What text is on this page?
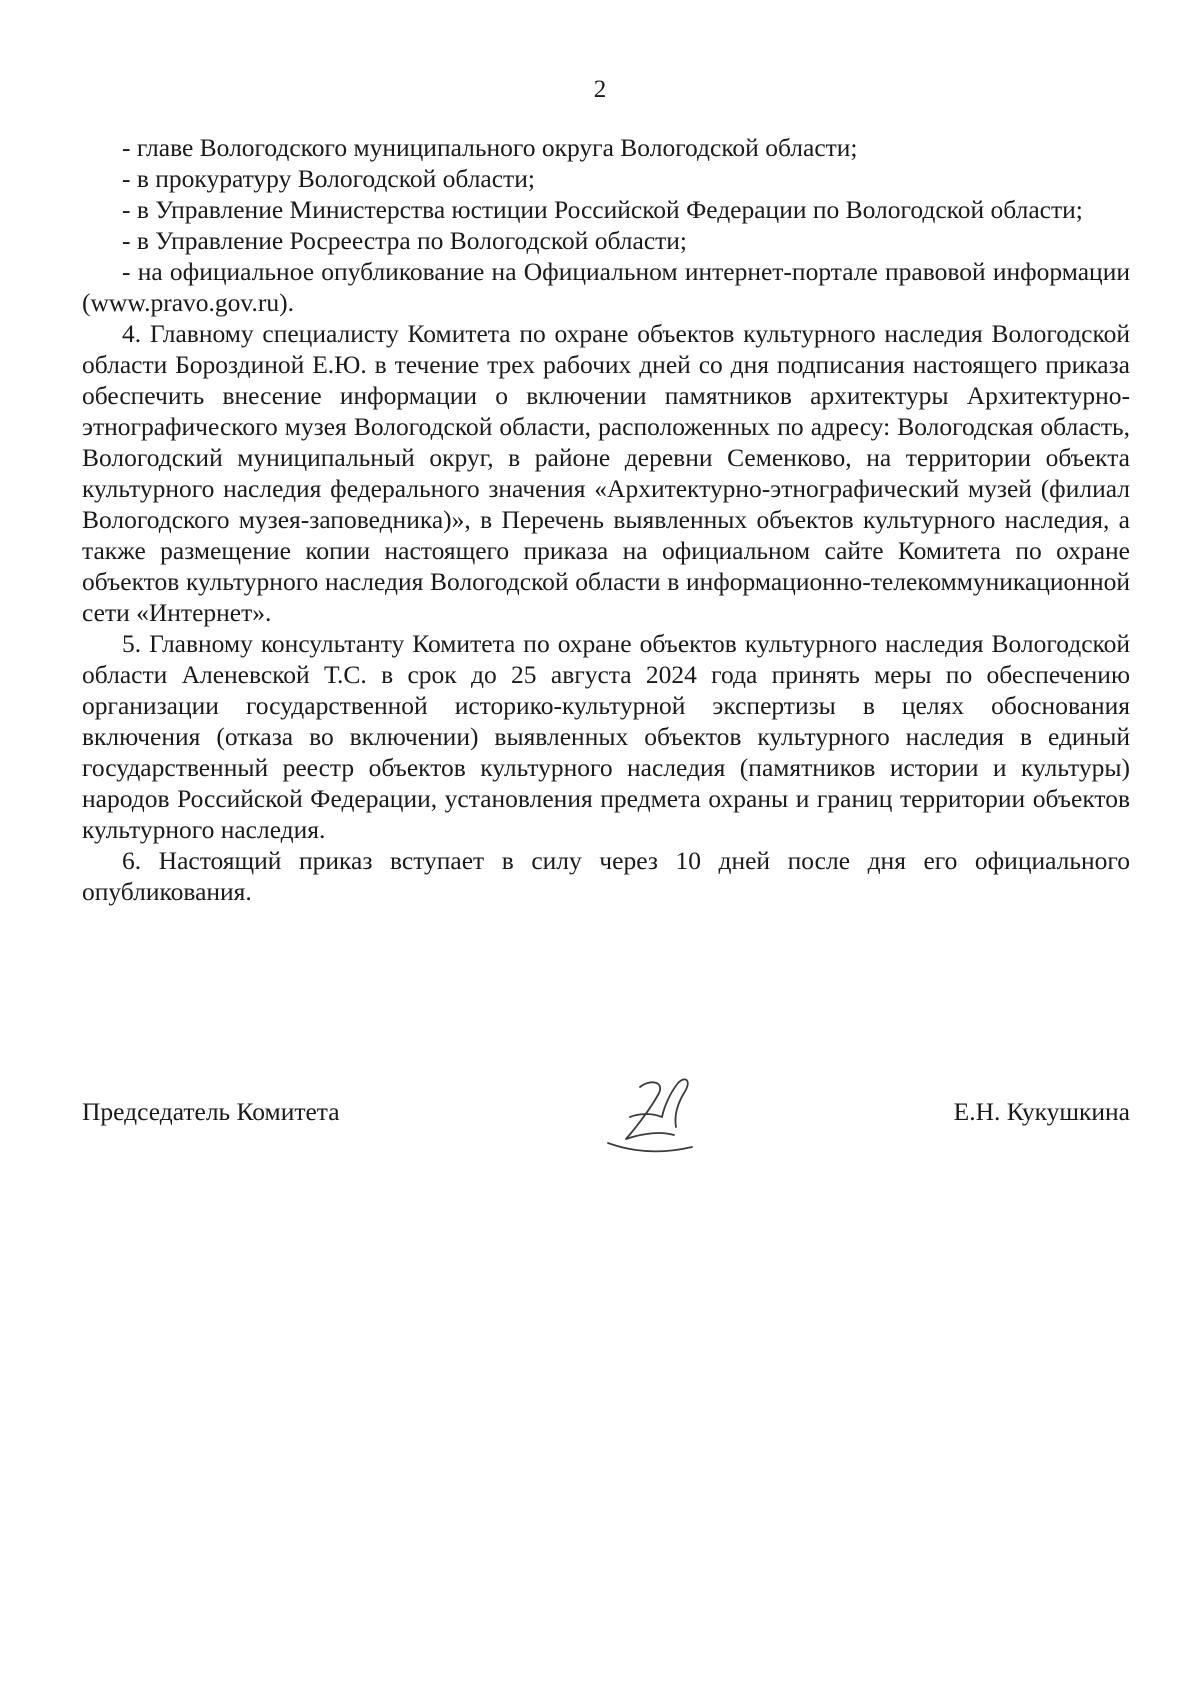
2

- главе Вологодского муниципального округа Вологодской области;

- в прокуратуру Вологодской области;

- в Управление Министерства юстиции Российской Федерации по Вологодской области;

- в Управление Росреестра по Вологодской области;

- на официальное опубликование на Официальном интернет-портале правовой информации (www.pravo.gov.ru).

4. Главному специалисту Комитета по охране объектов культурного наследия Вологодской области Бороздиной Е.Ю. в течение трех рабочих дней со дня подписания настоящего приказа обеспечить внесение информации о включении памятников архитектуры Архитектурно-этнографического музея Вологодской области, расположенных по адресу: Вологодская область, Вологодский муниципальный округ, в районе деревни Семенково, на территории объекта культурного наследия федерального значения «Архитектурно-этнографический музей (филиал Вологодского музея-заповедника)», в Перечень выявленных объектов культурного наследия, а также размещение копии настоящего приказа на официальном сайте Комитета по охране объектов культурного наследия Вологодской области в информационно-телекоммуникационной сети «Интернет».

5. Главному консультанту Комитета по охране объектов культурного наследия Вологодской области Аленевской Т.С. в срок до 25 августа 2024 года принять меры по обеспечению организации государственной историко-культурной экспертизы в целях обоснования включения (отказа во включении) выявленных объектов культурного наследия в единый государственный реестр объектов культурного наследия (памятников истории и культуры) народов Российской Федерации, установления предмета охраны и границ территории объектов культурного наследия.

6. Настоящий приказ вступает в силу через 10 дней после дня его официального опубликования.

Председатель Комитета	Е.Н. Кукушкина
